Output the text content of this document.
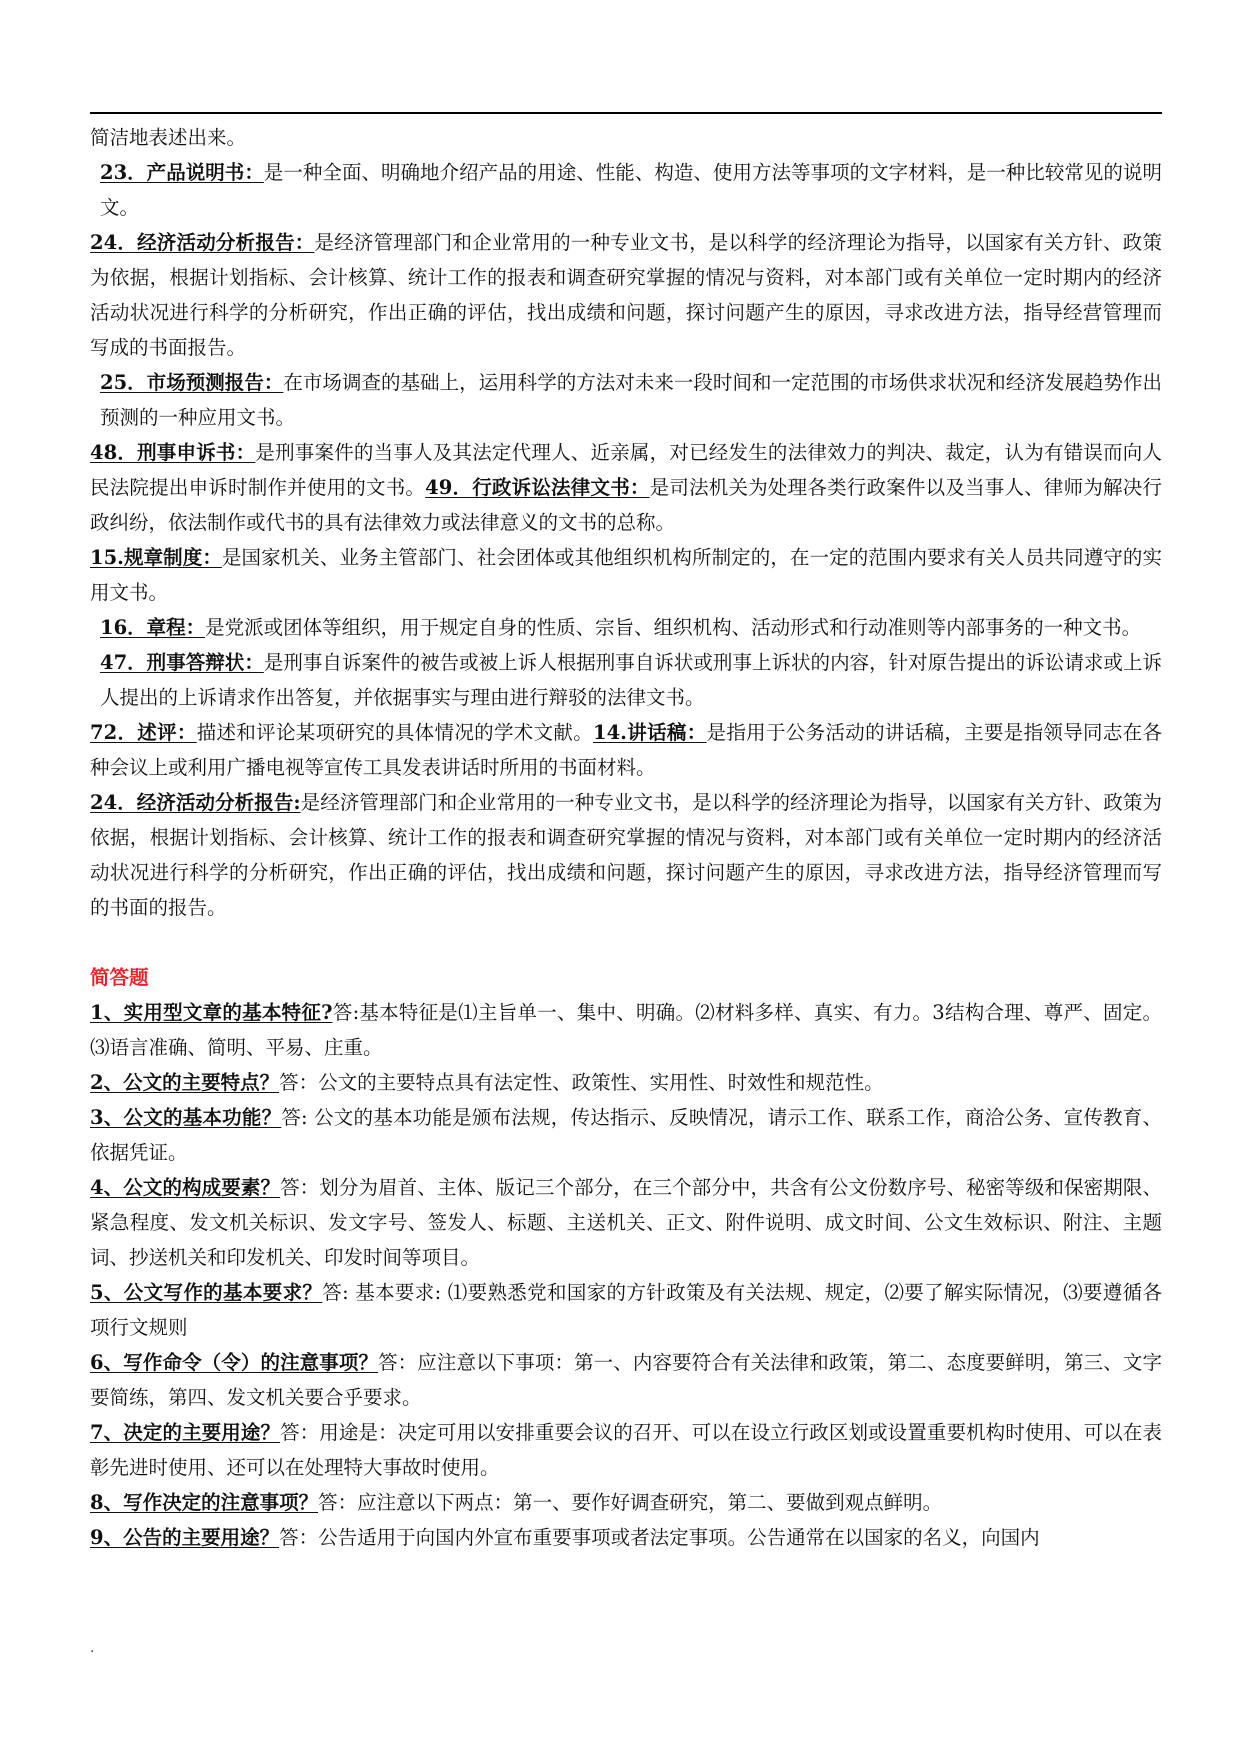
简洁地表述出来。
23．产品说明书：是一种全面、明确地介绍产品的用途、性能、构造、使用方法等事项的文字材料，是一种比较常见的说明文。
24．经济活动分析报告：是经济管理部门和企业常用的一种专业文书，是以科学的经济理论为指导，以国家有关方针、政策为依据，根据计划指标、会计核算、统计工作的报表和调查研究掌握的情况与资料，对本部门或有关单位一定时期内的经济活动状况进行科学的分析研究，作出正确的评估，找出成绩和问题，探讨问题产生的原因，寻求改进方法，指导经营管理而写成的书面报告。
25．市场预测报告：在市场调查的基础上，运用科学的方法对未来一段时间和一定范围的市场供求状况和经济发展趋势作出预测的一种应用文书。
48．刑事申诉书：是刑事案件的当事人及其法定代理人、近亲属，对已经发生的法律效力的判决、裁定，认为有错误而向人民法院提出申诉时制作并使用的文书。49．行政诉讼法律文书：是司法机关为处理各类行政案件以及当事人、律师为解决行政纠纷，依法制作或代书的具有法律效力或法律意义的文书的总称。
15.规章制度：是国家机关、业务主管部门、社会团体或其他组织机构所制定的，在一定的范围内要求有关人员共同遵守的实用文书。
16．章程：是党派或团体等组织，用于规定自身的性质、宗旨、组织机构、活动形式和行动准则等内部事务的一种文书。
47．刑事答辩状：是刑事自诉案件的被告或被上诉人根据刑事自诉状或刑事上诉状的内容，针对原告提出的诉讼请求或上诉人提出的上诉请求作出答复，并依据事实与理由进行辩驳的法律文书。
72．述评：描述和评论某项研究的具体情况的学术文献。14.讲话稿：是指用于公务活动的讲话稿，主要是指领导同志在各种会议上或利用广播电视等宣传工具发表讲话时所用的书面材料。
24．经济活动分析报告:是经济管理部门和企业常用的一种专业文书，是以科学的经济理论为指导，以国家有关方针、政策为依据，根据计划指标、会计核算、统计工作的报表和调查研究掌握的情况与资料，对本部门或有关单位一定时期内的经济活动状况进行科学的分析研究，作出正确的评估，找出成绩和问题，探讨问题产生的原因，寻求改进方法，指导经济管理而写的书面的报告。
简答题
1、实用型文章的基本特征?答:基本特征是⑴主旨单一、集中、明确。⑵材料多样、真实、有力。3结构合理、尊严、固定。⑶语言准确、简明、平易、庄重。
2、公文的主要特点？答：公文的主要特点具有法定性、政策性、实用性、时效性和规范性。
3、公文的基本功能？答: 公文的基本功能是颁布法规，传达指示、反映情况，请示工作、联系工作，商洽公务、宣传教育、依据凭证。
4、公文的构成要素？答：划分为眉首、主体、版记三个部分，在三个部分中，共含有公文份数序号、秘密等级和保密期限、紧急程度、发文机关标识、发文字号、签发人、标题、主送机关、正文、附件说明、成文时间、公文生效标识、附注、主题词、抄送机关和印发机关、印发时间等项目。
5、公文写作的基本要求？答: 基本要求: ⑴要熟悉党和国家的方针政策及有关法规、规定，⑵要了解实际情况，⑶要遵循各项行文规则
6、写作命令（令）的注意事项？答：应注意以下事项：第一、内容要符合有关法律和政策，第二、态度要鲜明，第三、文字要简练，第四、发文机关要合乎要求。
7、决定的主要用途？答：用途是：决定可用以安排重要会议的召开、可以在设立行政区划或设置重要机构时使用、可以在表彰先进时使用、还可以在处理特大事故时使用。
8、写作决定的注意事项？答：应注意以下两点：第一、要作好调查研究，第二、要做到观点鲜明。
9、公告的主要用途？答：公告适用于向国内外宣布重要事项或者法定事项。公告通常在以国家的名义，向国内
.
